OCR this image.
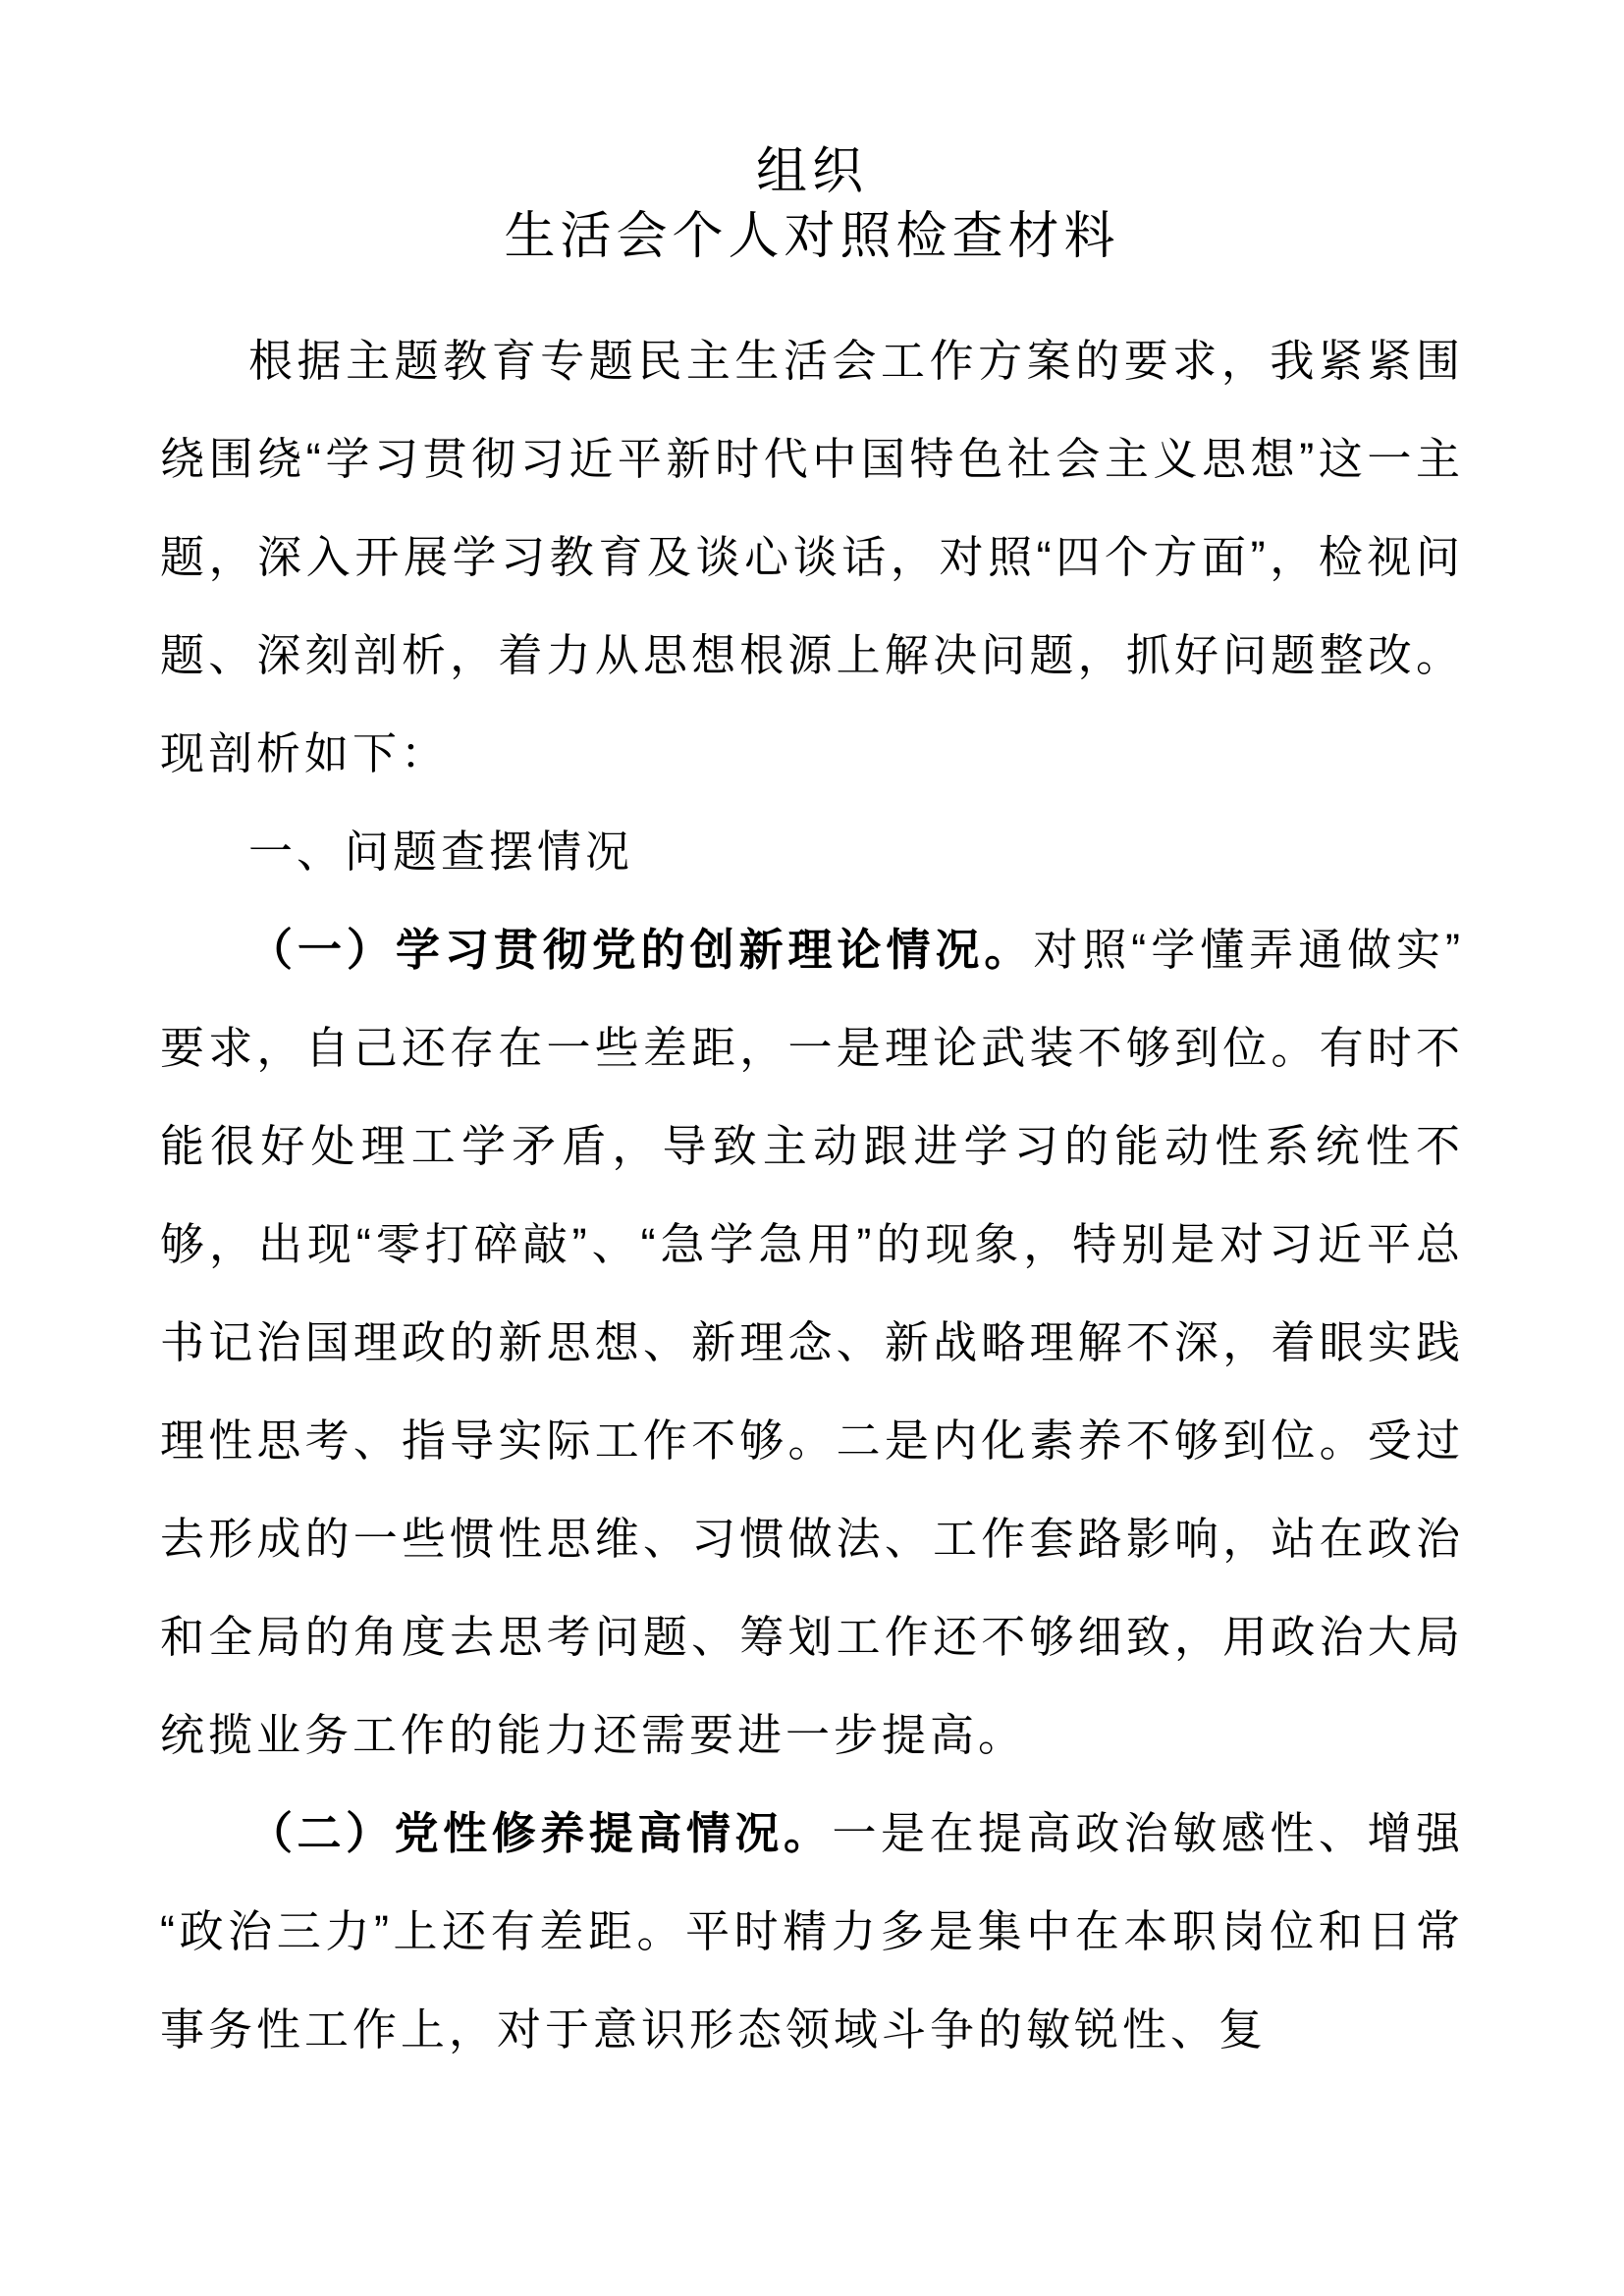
组织
生活会个人对照检查材料

根据主题教育专题民主生活会工作方案的要求，我紧紧围绕围绕“学习贯彻习近平新时代中国特色社会主义思想”这一主题，深入开展学习教育及谈心谈话，对照“四个方面”，检视问题、深刻剖析，着力从思想根源上解决问题，抓好问题整改。现剖析如下：

一、问题查摆情况

（一）学习贯彻党的创新理论情况。对照“学懂弄通做实”要求，自己还存在一些差距，一是理论武装不够到位。有时不能很好处理工学矛盾，导致主动跟进学习的能动性系统性不够，出现“零打碎敲”、“急学急用”的现象，特别是对习近平总书记治国理政的新思想、新理念、新战略理解不深，着眼实践理性思考、指导实际工作不够。二是内化素养不够到位。受过去形成的一些惯性思维、习惯做法、工作套路影响，站在政治和全局的角度去思考问题、筹划工作还不够细致，用政治大局统揽业务工作的能力还需要进一步提高。

（二）党性修养提高情况。一是在提高政治敏感性、增强“政治三力”上还有差距。平时精力多是集中在本职岗位和日常事务性工作上，对于意识形态领域斗争的敏锐性、复
